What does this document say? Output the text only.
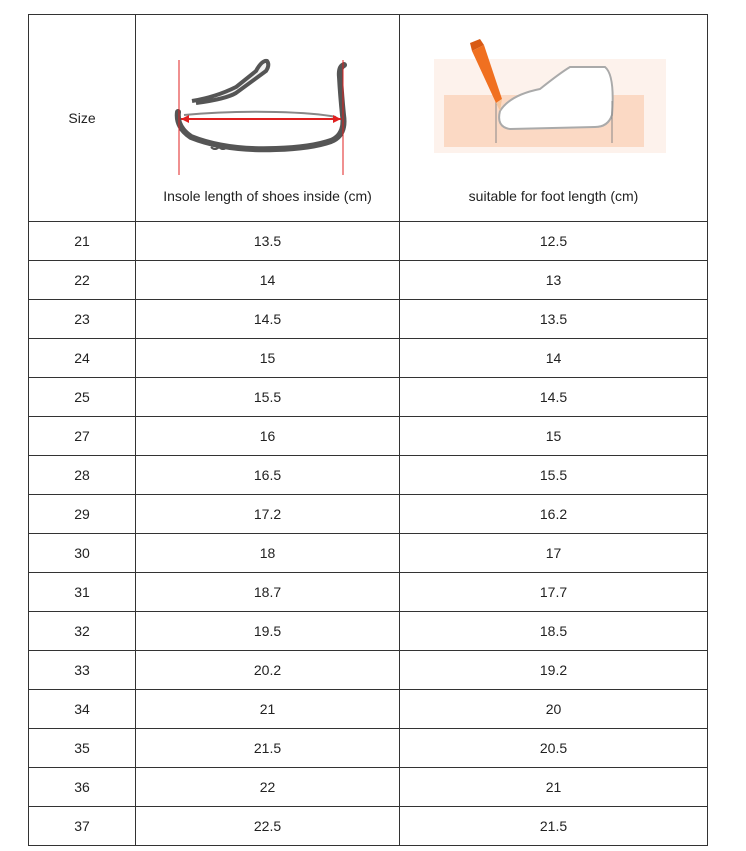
Size	Insole length of shoes inside (cm)	suitable for foot length (cm)

21	13.5	12.5
22	14	13
23	14.5	13.5
24	15	14
25	15.5	14.5
27	16	15
28	16.5	15.5
29	17.2	16.2
30	18	17
31	18.7	17.7
32	19.5	18.5
33	20.2	19.2
34	21	20
35	21.5	20.5
36	22	21
37	22.5	21.5
